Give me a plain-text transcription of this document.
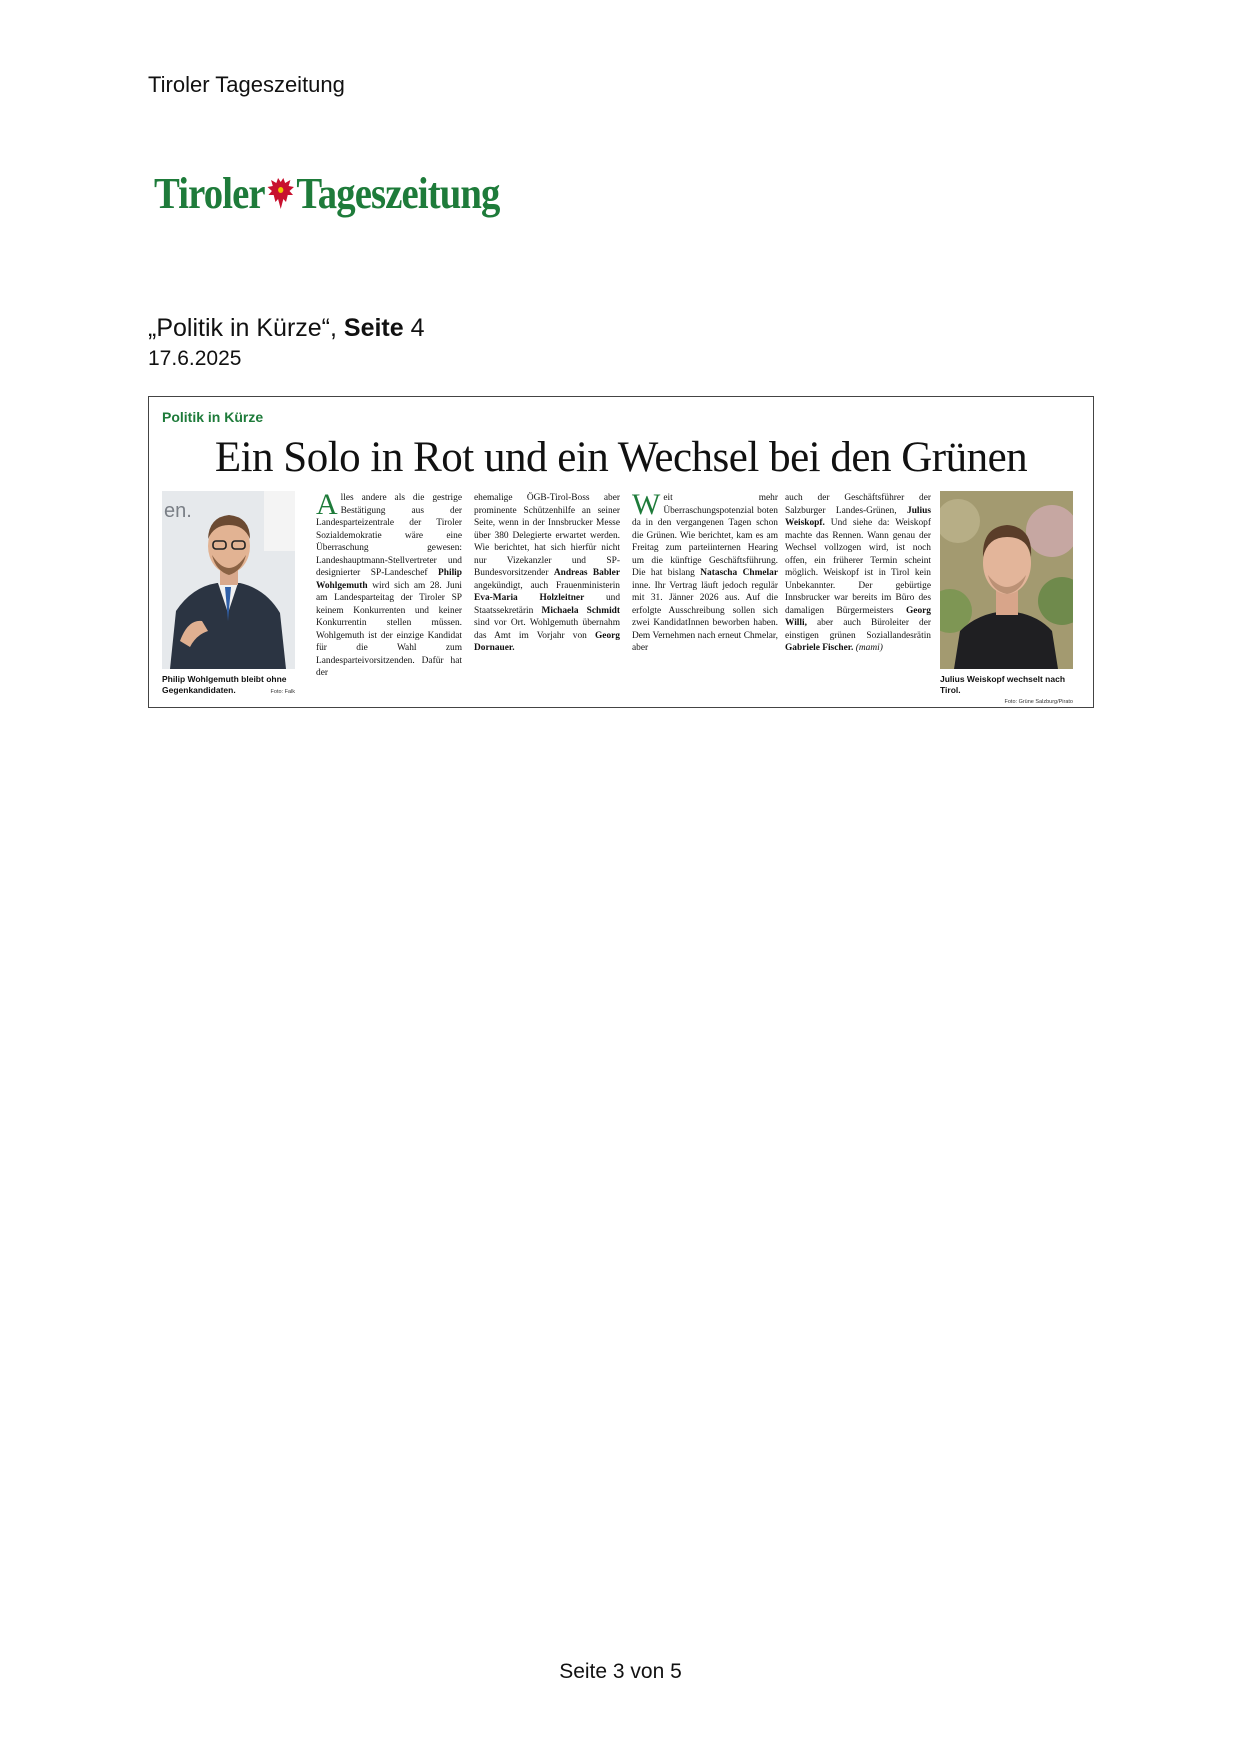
Tiroler Tageszeitung
Tiroler Tageszeitung
„Politik in Kürze“, Seite 4
17.6.2025
Politik in Kürze
Ein Solo in Rot und ein Wechsel bei den Grünen
en.
Philip Wohlgemuth bleibt ohne Gegenkandidaten.	Foto: Falk

Alles andere als die gestrige Bestätigung aus der Landesparteizentrale der Tiroler Sozialdemokratie wäre eine Überraschung gewesen: Landeshauptmann-Stellvertreter und designierter SP-Landeschef Philip Wohlgemuth wird sich am 28. Juni am Landesparteitag der Tiroler SP keinem Konkurrenten und keiner Konkurrentin stellen müssen. Wohlgemuth ist der einzige Kandidat für die Wahl zum Landesparteivorsitzenden. Dafür hat der

ehemalige ÖGB-Tirol-Boss aber prominente Schützenhilfe an seiner Seite, wenn in der Innsbrucker Messe über 380 Delegierte erwartet werden. Wie berichtet, hat sich hierfür nicht nur Vizekanzler und SP-Bundesvorsitzender Andreas Babler angekündigt, auch Frauenministerin Eva-Maria Holzleitner und Staatssekretärin Michaela Schmidt sind vor Ort. Wohlgemuth übernahm das Amt im Vorjahr von Georg Dornauer.

Weit mehr Überraschungspotenzial boten da in den vergangenen Tagen schon die Grünen. Wie berichtet, kam es am Freitag zum parteiinternen Hearing um die künftige Geschäftsführung. Die hat bislang Natascha Chmelar inne. Ihr Vertrag läuft jedoch regulär mit 31. Jänner 2026 aus. Auf die erfolgte Ausschreibung sollen sich zwei KandidatInnen beworben haben. Dem Vernehmen nach erneut Chmelar, aber

auch der Geschäftsführer der Salzburger Landes-Grünen, Julius Weiskopf. Und siehe da: Weiskopf machte das Rennen. Wann genau der Wechsel vollzogen wird, ist noch offen, ein früherer Termin scheint möglich. Weiskopf ist in Tirol kein Unbekannter. Der gebürtige Innsbrucker war bereits im Büro des damaligen Bürgermeisters Georg Willi, aber auch Büroleiter der einstigen grünen Soziallandesrätin Gabriele Fischer. (mami)

Julius Weiskopf wechselt nach Tirol.
Foto: Grüne Salzburg/Pirato
Seite 3 von 5
